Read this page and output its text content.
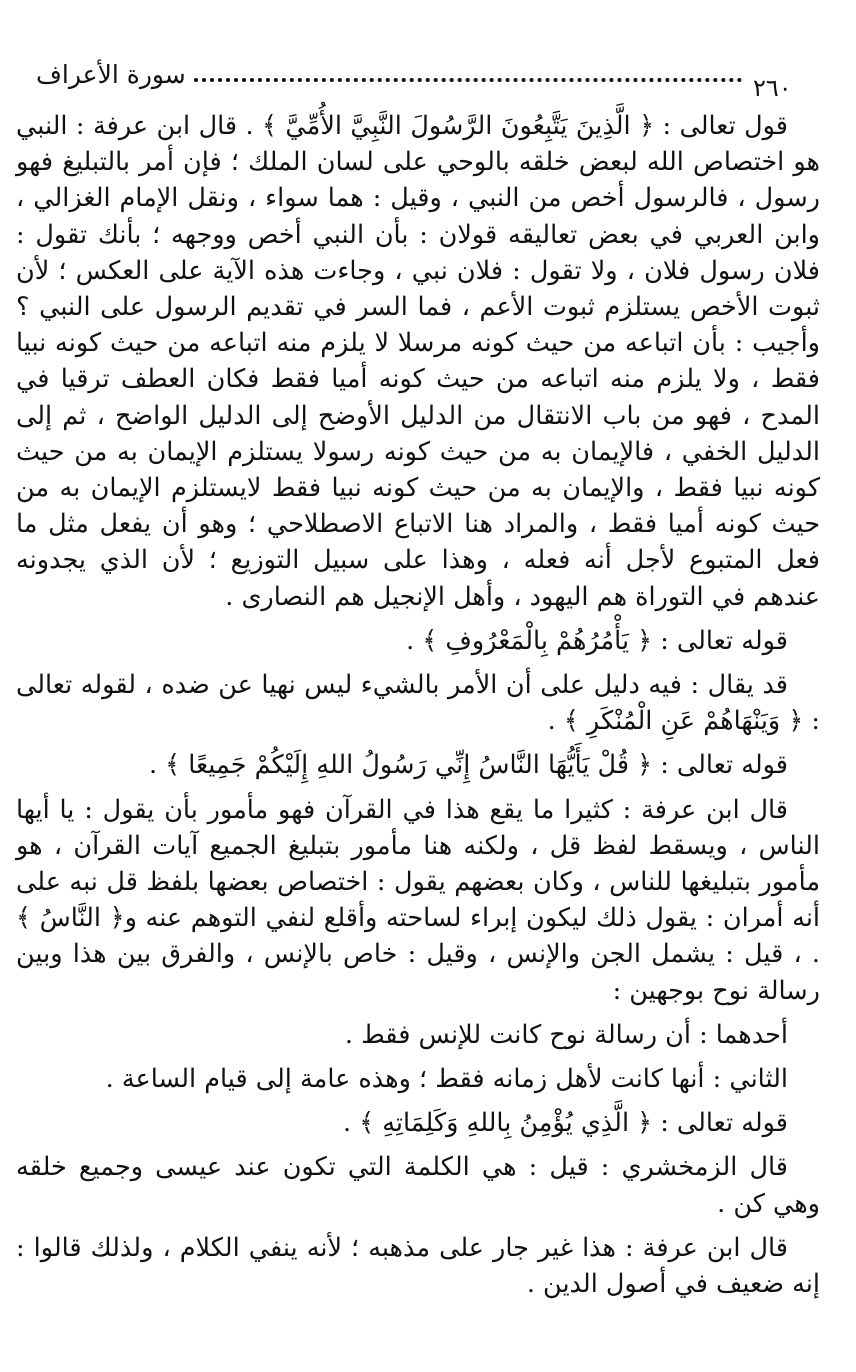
سورة الأعراف	٢٦٠

قول تعالى : ﴿ الَّذِينَ يَتَّبِعُونَ الرَّسُولَ النَّبِيَّ الأُمِّيَّ ﴾ . قال ابن عرفة : النبي هو اختصاص الله لبعض خلقه بالوحي على لسان الملك ؛ فإن أمر بالتبليغ فهو رسول ، فالرسول أخص من النبي ، وقيل : هما سواء ، ونقل الإمام الغزالي ، وابن العربي في بعض تعاليقه قولان : بأن النبي أخص ووجهه ؛ بأنك تقول : فلان رسول فلان ، ولا تقول : فلان نبي ، وجاءت هذه الآية على العكس ؛ لأن ثبوت الأخص يستلزم ثبوت الأعم ، فما السر في تقديم الرسول على النبي ؟ وأجيب : بأن اتباعه من حيث كونه مرسلا لا يلزم منه اتباعه من حيث كونه نبيا فقط ، ولا يلزم منه اتباعه من حيث كونه أميا فقط فكان العطف ترقيا في المدح ، فهو من باب الانتقال من الدليل الأوضح إلى الدليل الواضح ، ثم إلى الدليل الخفي ، فالإيمان به من حيث كونه رسولا يستلزم الإيمان به من حيث كونه نبيا فقط ، والإيمان به من حيث كونه نبيا فقط لايستلزم الإيمان به من حيث كونه أميا فقط ، والمراد هنا الاتباع الاصطلاحي ؛ وهو أن يفعل مثل ما فعل المتبوع لأجل أنه فعله ، وهذا على سبيل التوزيع ؛ لأن الذي يجدونه عندهم في التوراة هم اليهود ، وأهل الإنجيل هم النصارى .

قوله تعالى : ﴿ يَأْمُرُهُمْ بِالْمَعْرُوفِ ﴾ .

قد يقال : فيه دليل على أن الأمر بالشيء ليس نهيا عن ضده ، لقوله تعالى : ﴿ وَيَنْهَاهُمْ عَنِ الْمُنْكَرِ ﴾ .

قوله تعالى : ﴿ قُلْ يَأَيُّهَا النَّاسُ إِنِّي رَسُولُ اللهِ إِلَيْكُمْ جَمِيعًا ﴾ .

قال ابن عرفة : كثيرا ما يقع هذا في القرآن فهو مأمور بأن يقول : يا أيها الناس ، ويسقط لفظ قل ، ولكنه هنا مأمور بتبليغ الجميع آيات القرآن ، هو مأمور بتبليغها للناس ، وكان بعضهم يقول : اختصاص بعضها بلفظ قل نبه على أنه أمران : يقول ذلك ليكون إبراء لساحته وأقلع لنفي التوهم عنه و﴿ النَّاسُ ﴾ . ، قيل : يشمل الجن والإنس ، وقيل : خاص بالإنس ، والفرق بين هذا وبين رسالة نوح بوجهين :

أحدهما : أن رسالة نوح كانت للإنس فقط .

الثاني : أنها كانت لأهل زمانه فقط ؛ وهذه عامة إلى قيام الساعة .

قوله تعالى : ﴿ الَّذِي يُؤْمِنُ بِاللهِ وَكَلِمَاتِهِ ﴾ .

قال الزمخشري : قيل : هي الكلمة التي تكون عند عيسى وجميع خلقه وهي كن .

قال ابن عرفة : هذا غير جار على مذهبه ؛ لأنه ينفي الكلام ، ولذلك قالوا : إنه ضعيف في أصول الدين .
